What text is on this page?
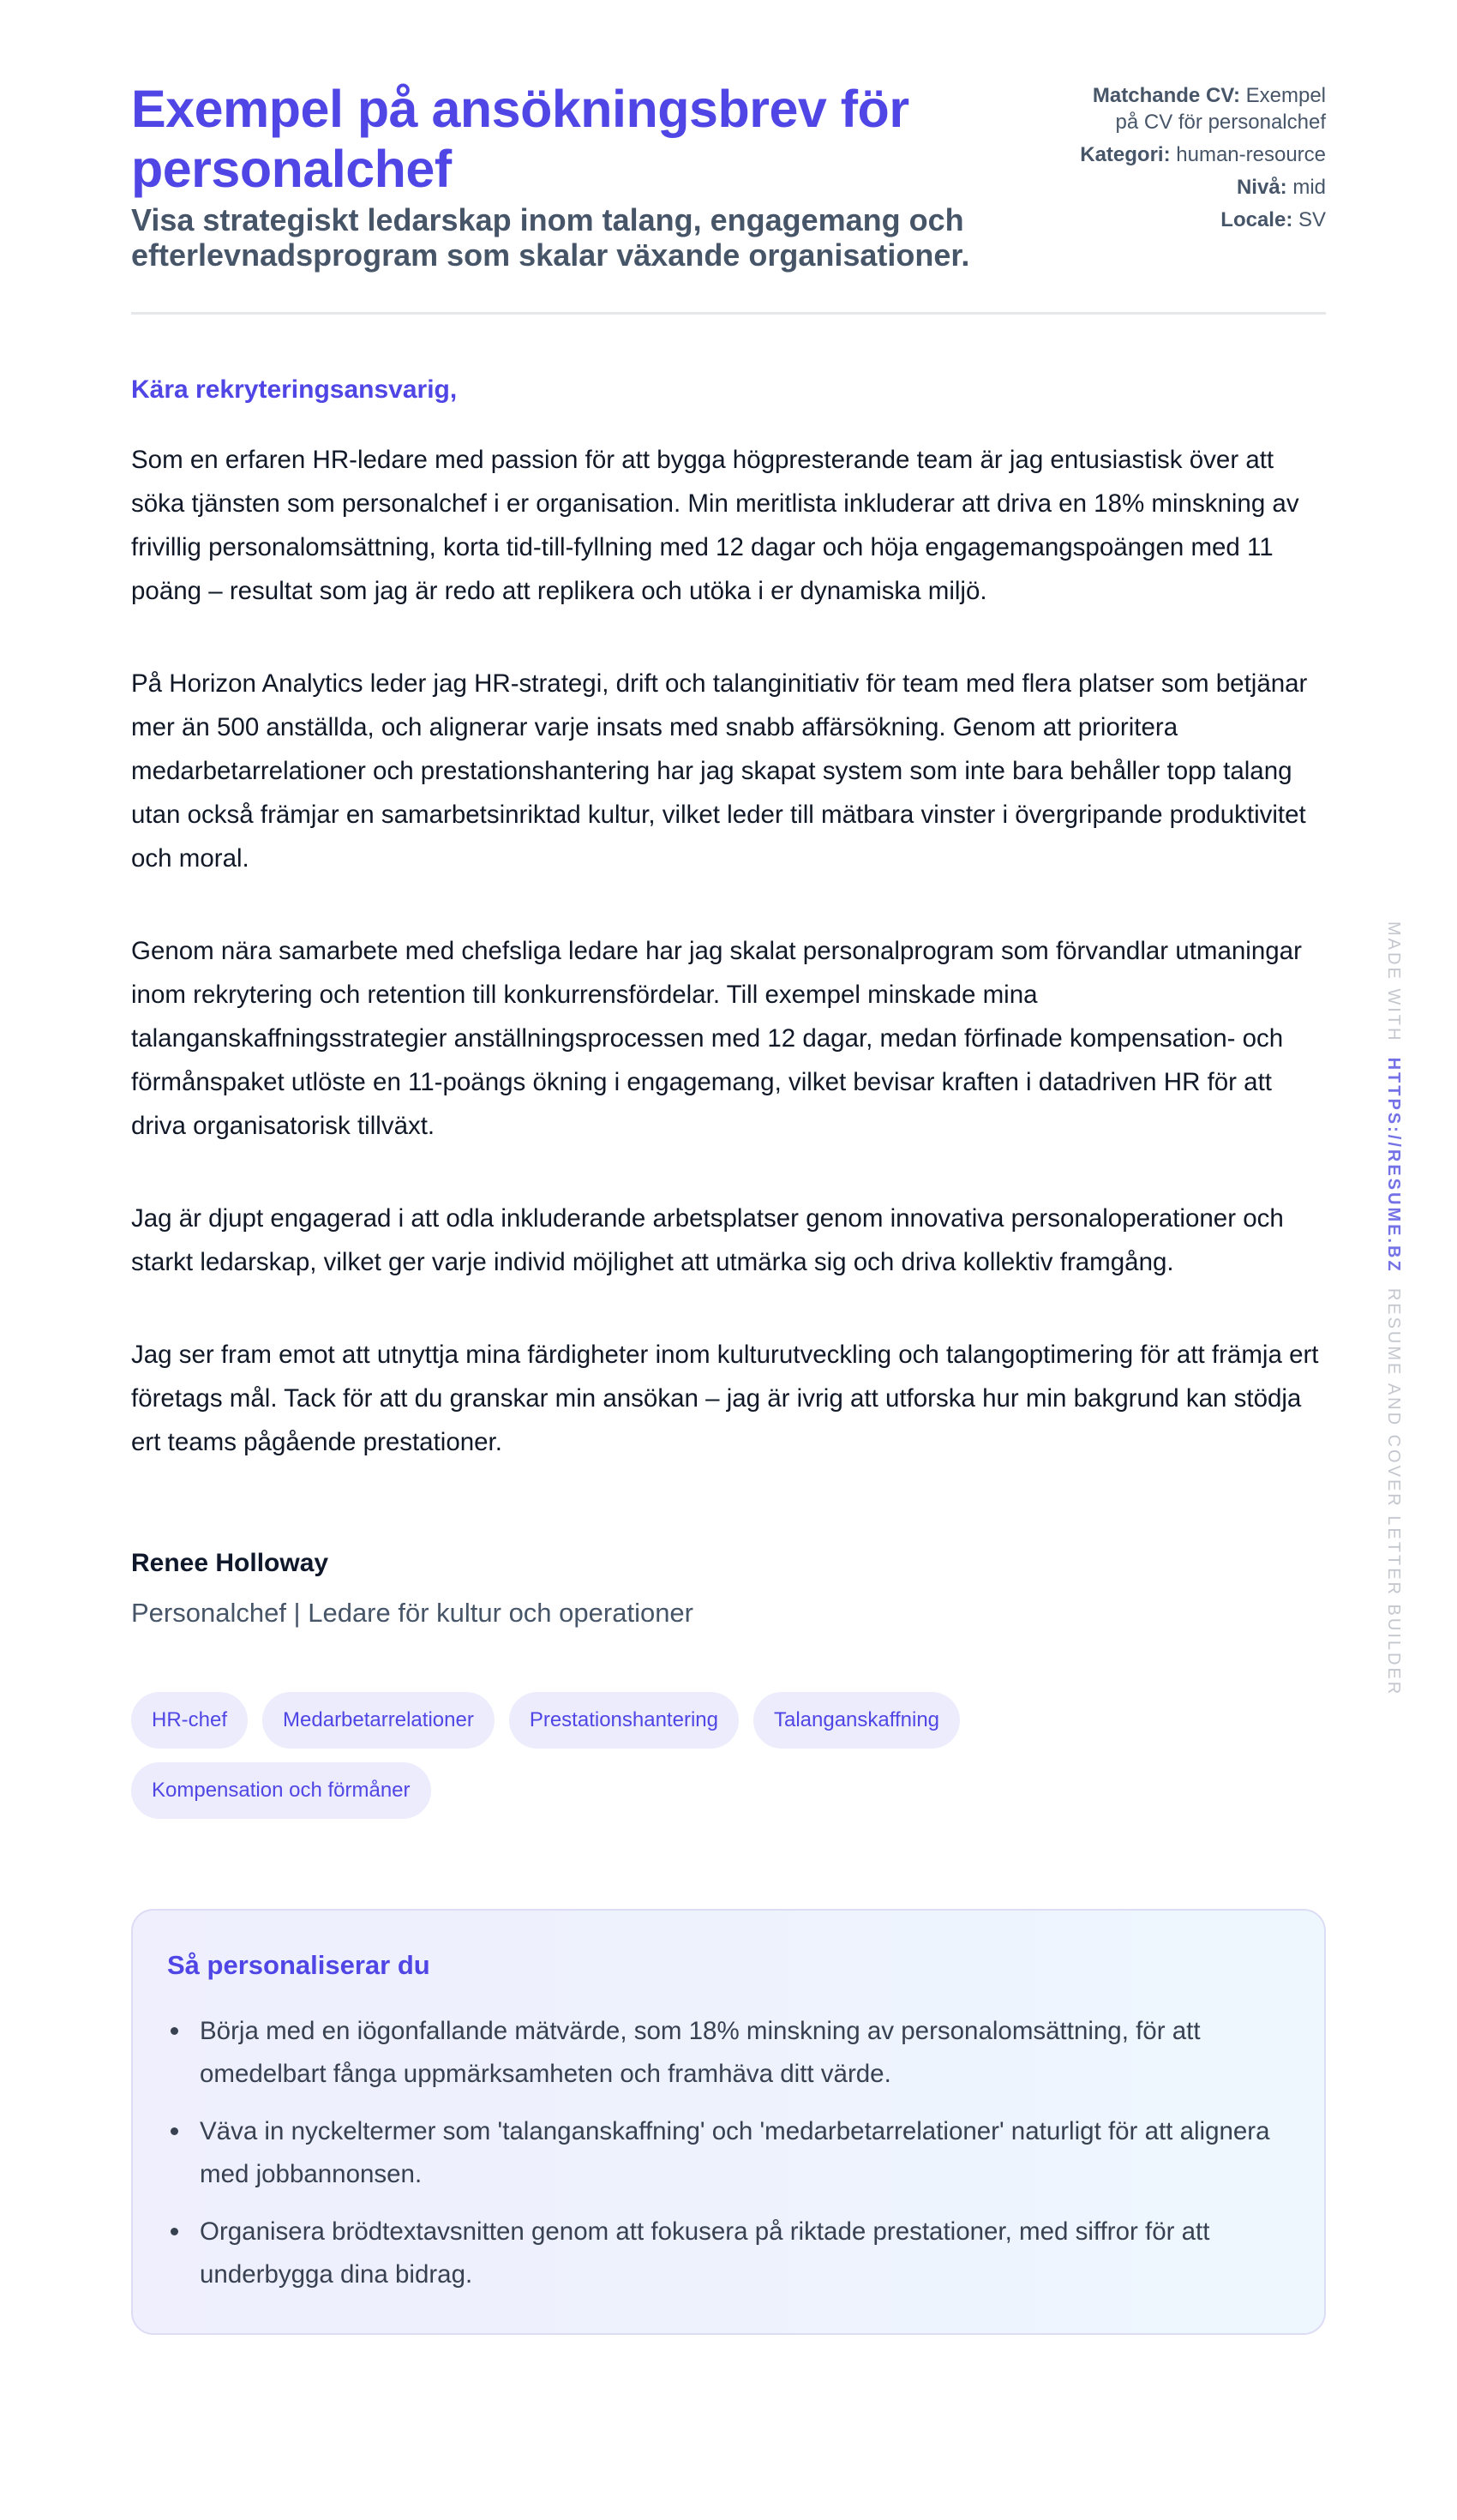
Exempel på ansökningsbrev för personalchef
Visa strategiskt ledarskap inom talang, engagemang och efterlevnadsprogram som skalar växande organisationer.
Matchande CV: Exempel på CV för personalchef
Kategori: human-resource
Nivå: mid
Locale: SV
Kära rekryteringsansvarig,

Som en erfaren HR-ledare med passion för att bygga högpresterande team är jag entusiastisk över att söka tjänsten som personalchef i er organisation. Min meritlista inkluderar att driva en 18% minskning av frivillig personalomsättning, korta tid-till-fyllning med 12 dagar och höja engagemangspoängen med 11 poäng – resultat som jag är redo att replikera och utöka i er dynamiska miljö.

På Horizon Analytics leder jag HR-strategi, drift och talanginitiativ för team med flera platser som betjänar mer än 500 anställda, och alignerar varje insats med snabb affärsökning. Genom att prioritera medarbetarrelationer och prestationshantering har jag skapat system som inte bara behåller topp talang utan också främjar en samarbetsinriktad kultur, vilket leder till mätbara vinster i övergripande produktivitet och moral.

Genom nära samarbete med chefsliga ledare har jag skalat personalprogram som förvandlar utmaningar inom rekrytering och retention till konkurrensfördelar. Till exempel minskade mina talanganskaffningsstrategier anställningsprocessen med 12 dagar, medan förfinade kompensation- och förmånspaket utlöste en 11-poängs ökning i engagemang, vilket bevisar kraften i datadriven HR för att driva organisatorisk tillväxt.

Jag är djupt engagerad i att odla inkluderande arbetsplatser genom innovativa personaloperationer och starkt ledarskap, vilket ger varje individ möjlighet att utmärka sig och driva kollektiv framgång.

Jag ser fram emot att utnyttja mina färdigheter inom kulturutveckling och talangoptimering för att främja ert företags mål. Tack för att du granskar min ansökan – jag är ivrig att utforska hur min bakgrund kan stödja ert teams pågående prestationer.

Renee Holloway
Personalchef | Ledare för kultur och operationer
HR-chef	Medarbetarrelationer	Prestationshantering	Talanganskaffning
Kompensation och förmåner
Så personaliserar du
Börja med en iögonfallande mätvärde, som 18% minskning av personalomsättning, för att omedelbart fånga uppmärksamheten och framhäva ditt värde.
Väva in nyckeltermer som 'talanganskaffning' och 'medarbetarrelationer' naturligt för att alignera med jobbannonsen.
Organisera brödtextavsnitten genom att fokusera på riktade prestationer, med siffror för att underbygga dina bidrag.
MADE WITH  HTTPS://RESUME.BZ  RESUME AND COVER LETTER BUILDER
